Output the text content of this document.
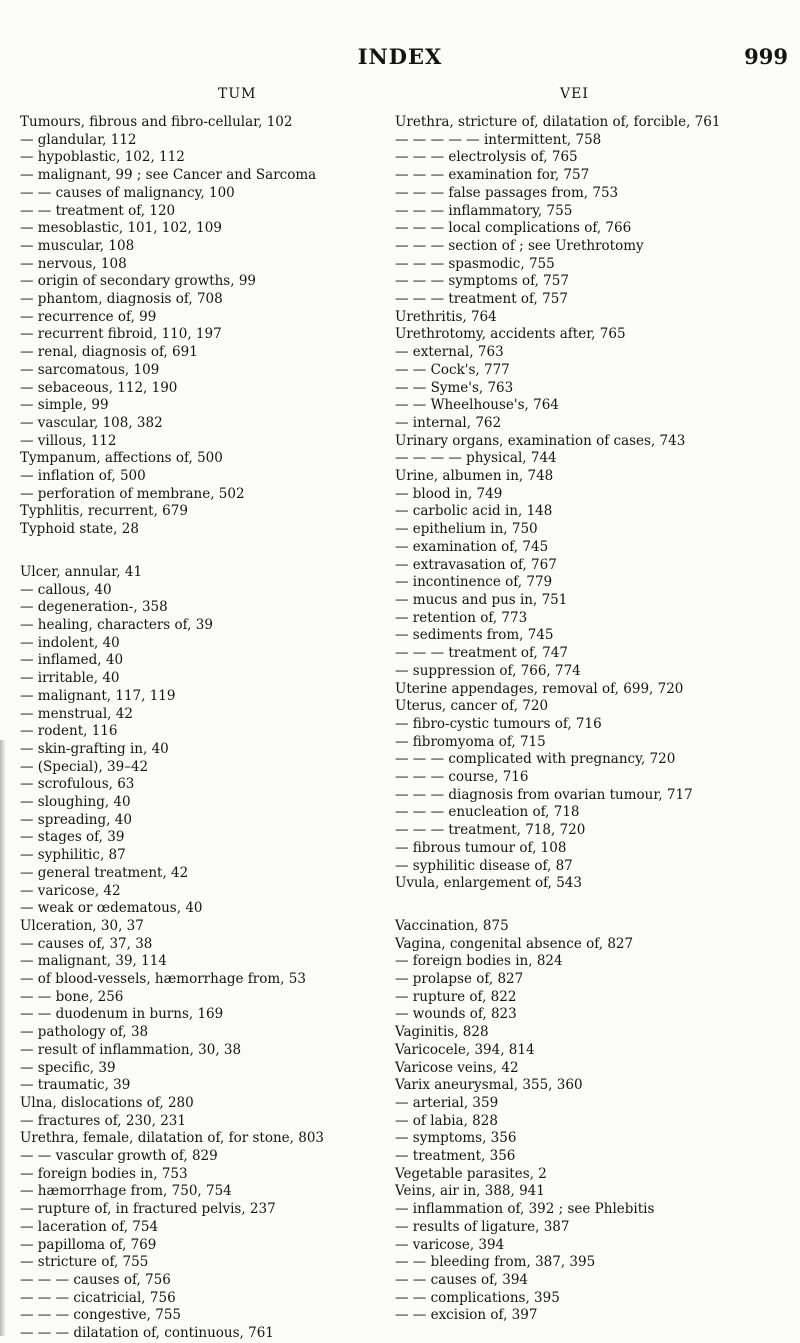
INDEX	999
TUM	VEI
Tumours, fibrous and fibro-cellular, 102
— glandular, 112
— hypoblastic, 102, 112
— malignant, 99 ; see Cancer and Sarcoma
— — causes of malignancy, 100
— — treatment of, 120
— mesoblastic, 101, 102, 109
— muscular, 108
— nervous, 108
— origin of secondary growths, 99
— phantom, diagnosis of, 708
— recurrence of, 99
— recurrent fibroid, 110, 197
— renal, diagnosis of, 691
— sarcomatous, 109
— sebaceous, 112, 190
— simple, 99
— vascular, 108, 382
— villous, 112
Tympanum, affections of, 500
— inflation of, 500
— perforation of membrane, 502
Typhlitis, recurrent, 679
Typhoid state, 28
Ulcer, annular, 41
— callous, 40
— degeneration-, 358
— healing, characters of, 39
— indolent, 40
— inflamed, 40
— irritable, 40
— malignant, 117, 119
— menstrual, 42
— rodent, 116
— skin-grafting in, 40
— (Special), 39–42
— scrofulous, 63
— sloughing, 40
— spreading, 40
— stages of, 39
— syphilitic, 87
— general treatment, 42
— varicose, 42
— weak or œdematous, 40
Ulceration, 30, 37
— causes of, 37, 38
— malignant, 39, 114
— of blood-vessels, hæmorrhage from, 53
— — bone, 256
— — duodenum in burns, 169
— pathology of, 38
— result of inflammation, 30, 38
— specific, 39
— traumatic, 39
Ulna, dislocations of, 280
— fractures of, 230, 231
Urethra, female, dilatation of, for stone, 803
— — vascular growth of, 829
— foreign bodies in, 753
— hæmorrhage from, 750, 754
— rupture of, in fractured pelvis, 237
— laceration of, 754
— papilloma of, 769
— stricture of, 755
— — — causes of, 756
— — — cicatricial, 756
— — — congestive, 755
— — — dilatation of, continuous, 761
Urethra, stricture of, dilatation of, forcible, 761
— — — — — intermittent, 758
— — — electrolysis of, 765
— — — examination for, 757
— — — false passages from, 753
— — — inflammatory, 755
— — — local complications of, 766
— — — section of ; see Urethrotomy
— — — spasmodic, 755
— — — symptoms of, 757
— — — treatment of, 757
Urethritis, 764
Urethrotomy, accidents after, 765
— external, 763
— — Cock's, 777
— — Syme's, 763
— — Wheelhouse's, 764
— internal, 762
Urinary organs, examination of cases, 743
— — — — physical, 744
Urine, albumen in, 748
— blood in, 749
— carbolic acid in, 148
— epithelium in, 750
— examination of, 745
— extravasation of, 767
— incontinence of, 779
— mucus and pus in, 751
— retention of, 773
— sediments from, 745
— — — treatment of, 747
— suppression of, 766, 774
Uterine appendages, removal of, 699, 720
Uterus, cancer of, 720
— fibro-cystic tumours of, 716
— fibromyoma of, 715
— — — complicated with pregnancy, 720
— — — course, 716
— — — diagnosis from ovarian tumour, 717
— — — enucleation of, 718
— — — treatment, 718, 720
— fibrous tumour of, 108
— syphilitic disease of, 87
Uvula, enlargement of, 543
Vaccination, 875
Vagina, congenital absence of, 827
— foreign bodies in, 824
— prolapse of, 827
— rupture of, 822
— wounds of, 823
Vaginitis, 828
Varicocele, 394, 814
Varicose veins, 42
Varix aneurysmal, 355, 360
— arterial, 359
— of labia, 828
— symptoms, 356
— treatment, 356
Vegetable parasites, 2
Veins, air in, 388, 941
— inflammation of, 392 ; see Phlebitis
— results of ligature, 387
— varicose, 394
— — bleeding from, 387, 395
— — causes of, 394
— — complications, 395
— — excision of, 397
